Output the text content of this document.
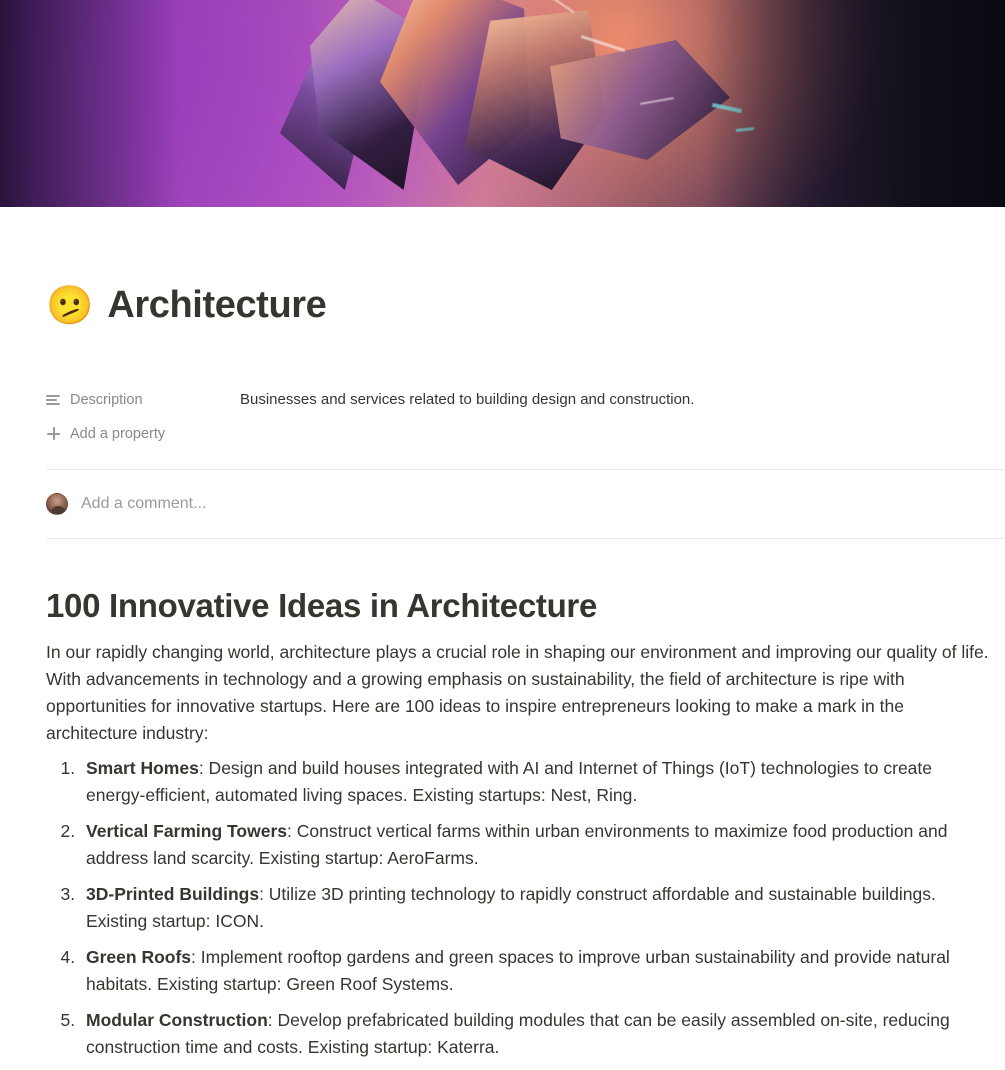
🫤 Architecture
Description	Businesses and services related to building design and construction.
Add a property
Add a comment...
100 Innovative Ideas in Architecture

In our rapidly changing world, architecture plays a crucial role in shaping our environment and improving our quality of life. With advancements in technology and a growing emphasis on sustainability, the field of architecture is ripe with opportunities for innovative startups. Here are 100 ideas to inspire entrepreneurs looking to make a mark in the architecture industry:

1. Smart Homes: Design and build houses integrated with AI and Internet of Things (IoT) technologies to create energy-efficient, automated living spaces. Existing startups: Nest, Ring.
2. Vertical Farming Towers: Construct vertical farms within urban environments to maximize food production and address land scarcity. Existing startup: AeroFarms.
3. 3D-Printed Buildings: Utilize 3D printing technology to rapidly construct affordable and sustainable buildings. Existing startup: ICON.
4. Green Roofs: Implement rooftop gardens and green spaces to improve urban sustainability and provide natural habitats. Existing startup: Green Roof Systems.
5. Modular Construction: Develop prefabricated building modules that can be easily assembled on-site, reducing construction time and costs. Existing startup: Katerra.
